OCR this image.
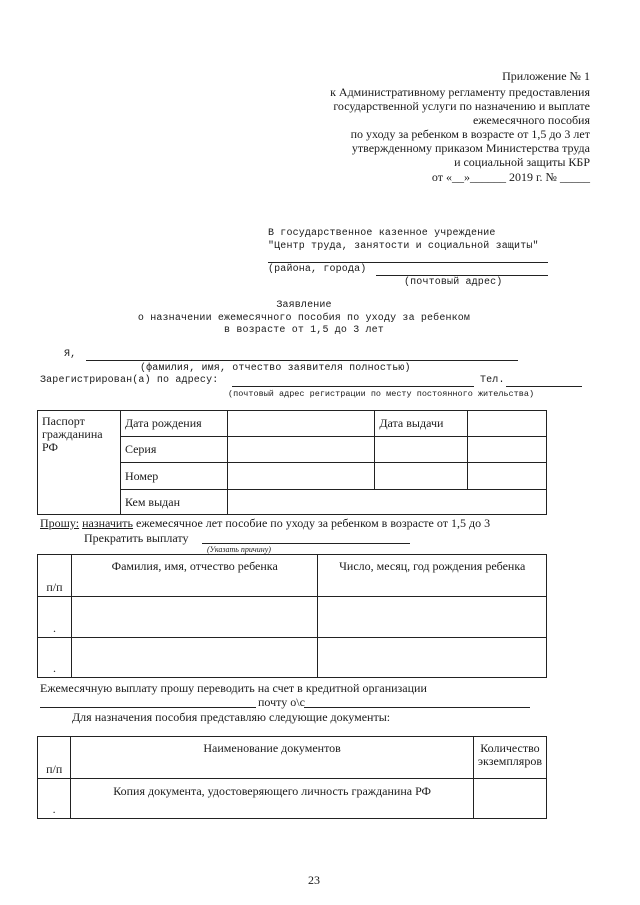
Приложение № 1
к Административному регламенту предоставления
государственной услуги по назначению и выплате
ежемесячного пособия
по уходу за ребенком в возрасте от 1,5 до 3 лет
утвержденному приказом Министерства труда
и социальной защиты КБР
от «__»______ 2019 г. № _____
В государственное казенное учреждение
"Центр труда, занятости и социальной защиты"
(района, города)
(почтовый адрес)
Заявление
о назначении ежемесячного пособия по уходу за ребенком
в возрасте от 1,5 до 3 лет
Я,
(фамилия, имя, отчество заявителя полностью)
Зарегистрирован(а) по адресу:	Тел.
(почтовый адрес регистрации по месту постоянного жительства)
Паспорт гражданина РФ	Дата рождения		Дата выдачи	
	Серия			
	Номер			
	Кем выдан			
Прошу: назначить ежемесячное лет пособие по уходу за ребенком в возрасте от 1,5 до 3
Прекратить выплату
(Указать причину)
п/п	Фамилия, имя, отчество ребенка	Число, месяц, год рождения ребенка
.		
.		
Ежемесячную выплату прошу переводить на счет в кредитной организации
почту о\с
Для назначения пособия представляю следующие документы:
п/п	Наименование документов	Количество экземпляров
.	Копия документа, удостоверяющего личность гражданина РФ	
23
